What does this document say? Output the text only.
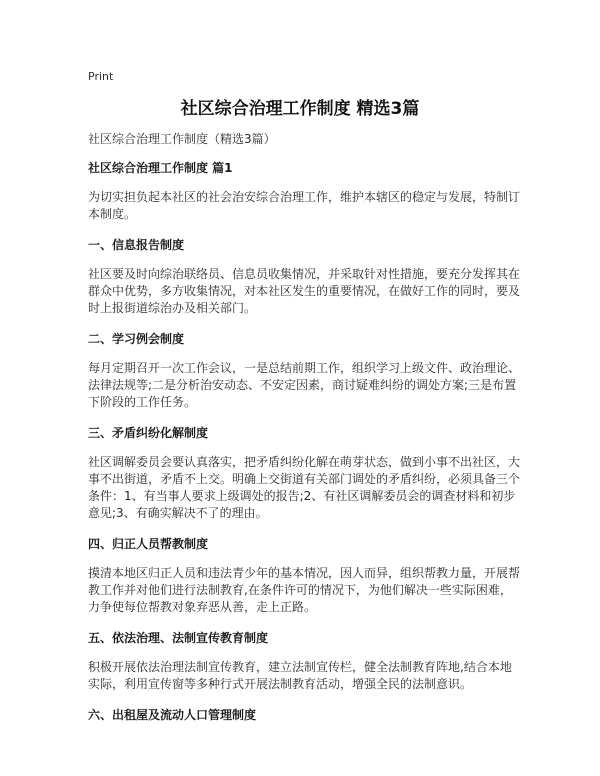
Print
社区综合治理工作制度 精选3篇

社区综合治理工作制度（精选3篇）

社区综合治理工作制度 篇1

为切实担负起本社区的社会治安综合治理工作，维护本辖区的稳定与发展，特制订本制度。

一、信息报告制度

社区要及时向综治联络员、信息员收集情况，并采取针对性措施，要充分发挥其在群众中优势，多方收集情况，对本社区发生的重要情况，在做好工作的同时，要及时上报街道综治办及相关部门。

二、学习例会制度

每月定期召开一次工作会议，一是总结前期工作，组织学习上级文件、政治理论、法律法规等;二是分析治安动态、不安定因素，商讨疑难纠纷的调处方案;三是布置下阶段的工作任务。

三、矛盾纠纷化解制度

社区调解委员会要认真落实，把矛盾纠纷化解在萌芽状态，做到小事不出社区，大事不出街道，矛盾不上交。明确上交街道有关部门调处的矛盾纠纷，必须具备三个条件：1、有当事人要求上级调处的报告;2、有社区调解委员会的调查材料和初步意见;3、有确实解决不了的理由。

四、归正人员帮教制度

摸清本地区归正人员和违法青少年的基本情况，因人而异，组织帮教力量，开展帮教工作并对他们进行法制教育,在条件许可的情况下，为他们解决一些实际困难，力争使每位帮教对象弃恶从善，走上正路。

五、依法治理、法制宣传教育制度

积极开展依法治理法制宣传教育，建立法制宣传栏，健全法制教育阵地,结合本地实际，利用宣传窗等多种行式开展法制教育活动，增强全民的法制意识。

六、出租屋及流动人口管理制度
